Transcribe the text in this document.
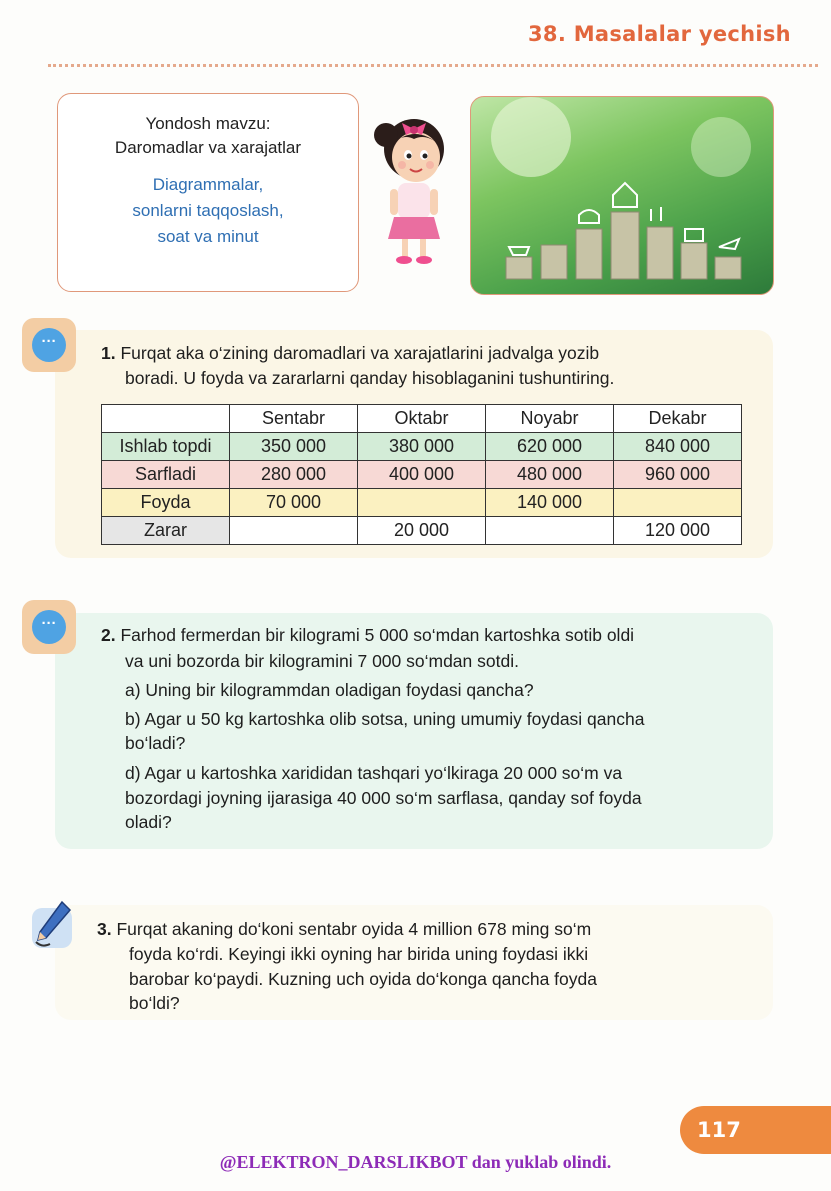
38. Masalalar yechish
Yondosh mavzu:
Daromadlar va xarajatlar
Diagrammalar,
sonlarni taqqoslash,
soat va minut
···
1. Furqat aka o‘zining daromadlari va xarajatlarini jadvalga yozib
boradi. U foyda va zararlarni qanday hisoblaganini tushuntiring.
	Sentabr	Oktabr	Noyabr	Dekabr
Ishlab topdi	350 000	380 000	620 000	840 000
Sarfladi	280 000	400 000	480 000	960 000
Foyda	70 000		140 000	
Zarar		20 000		120 000
···
2. Farhod fermerdan bir kilogrami 5 000 so‘mdan kartoshka sotib oldi
va uni bozorda bir kilogramini 7 000 so‘mdan sotdi.
a) Uning bir kilogrammdan oladigan foydasi qancha?
b) Agar u 50 kg kartoshka olib sotsa, uning umumiy foydasi qancha
bo‘ladi?
d) Agar u kartoshka xarididan tashqari yo‘lkiraga 20 000 so‘m va
bozordagi joyning ijarasiga 40 000 so‘m sarflasa, qanday sof foyda
oladi?
3. Furqat akaning do‘koni sentabr oyida 4 million 678 ming so‘m
foyda ko‘rdi. Keyingi ikki oyning har birida uning foydasi ikki
barobar ko‘paydi. Kuzning uch oyida do‘konga qancha foyda
bo‘ldi?
117
@ELEKTRON_DARSLIKBOT dan yuklab olindi.
